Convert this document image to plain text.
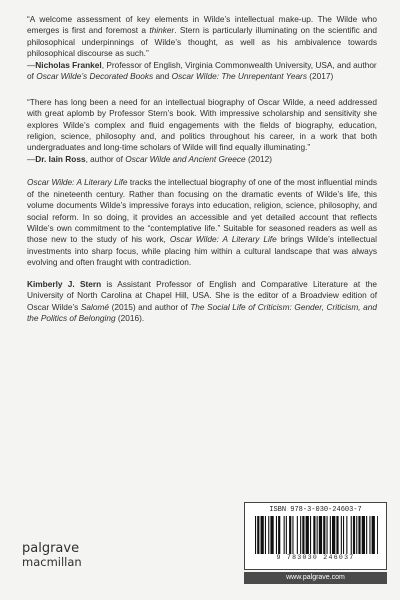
“A welcome assessment of key elements in Wilde’s intellectual make-up. The Wilde who emerges is first and foremost a thinker. Stern is particularly illuminating on the scientific and philosophical underpinnings of Wilde’s thought, as well as his ambivalence towards philosophical discourse as such.”

—Nicholas Frankel, Professor of English, Virginia Commonwealth University, USA, and author of Oscar Wilde’s Decorated Books and Oscar Wilde: The Unrepentant Years (2017)

“There has long been a need for an intellectual biography of Oscar Wilde, a need addressed with great aplomb by Professor Stern’s book. With impressive scholarship and sensitivity she explores Wilde’s complex and fluid engagements with the fields of biography, education, religion, science, philosophy and, and politics throughout his career, in a work that both undergraduates and long-time scholars of Wilde will find equally illuminating.”

—Dr. Iain Ross, author of Oscar Wilde and Ancient Greece (2012)

Oscar Wilde: A Literary Life tracks the intellectual biography of one of the most influential minds of the nineteenth century. Rather than focusing on the dramatic events of Wilde’s life, this volume documents Wilde’s impressive forays into education, religion, science, philosophy, and social reform. In so doing, it provides an accessible and yet detailed account that reflects Wilde’s own commitment to the “contemplative life.” Suitable for seasoned readers as well as those new to the study of his work, Oscar Wilde: A Literary Life brings Wilde’s intellectual investments into sharp focus, while placing him within a cultural landscape that was always evolving and often fraught with contradiction.

Kimberly J. Stern is Assistant Professor of English and Comparative Literature at the University of North Carolina at Chapel Hill, USA. She is the editor of a Broadview edition of Oscar Wilde’s Salomé (2015) and author of The Social Life of Criticism: Gender, Criticism, and the Politics of Belonging (2016).

ISBN 978-3-030-24603-7
9 783030 246037
www.palgrave.com
palgrave
macmillan
